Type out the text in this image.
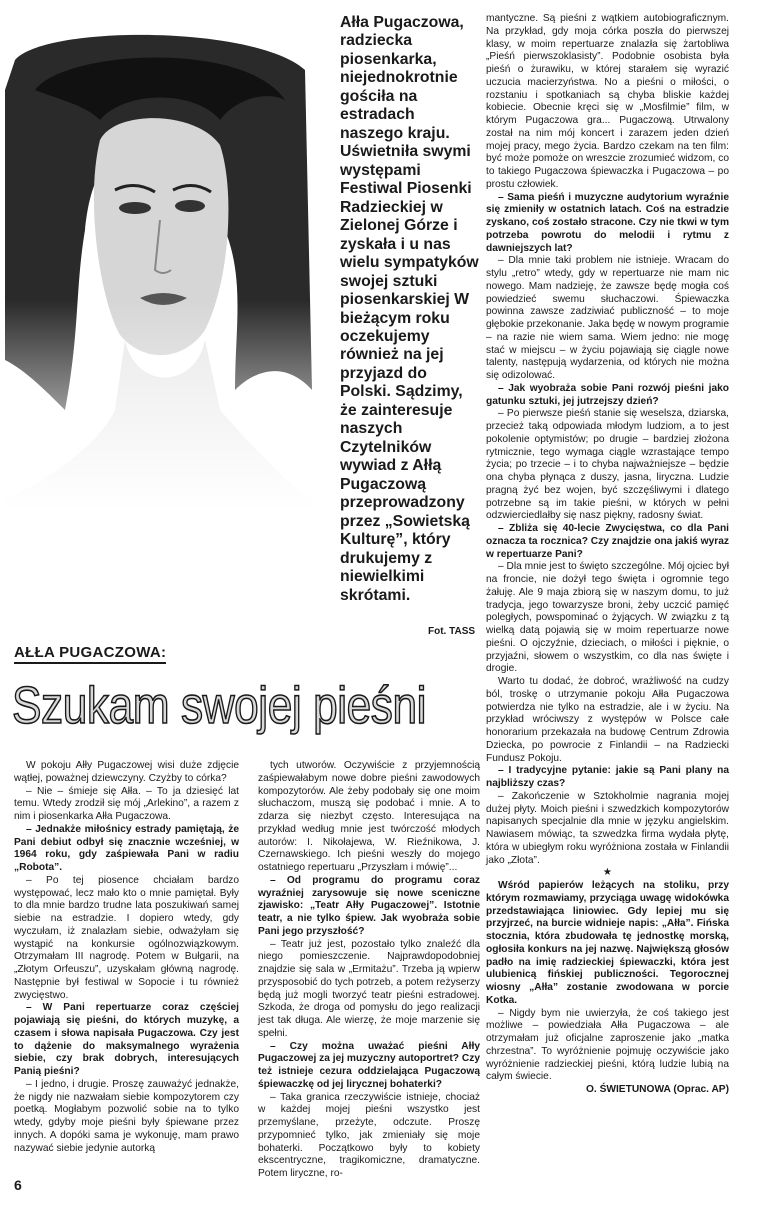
Ałła Pugaczowa, radziecka piosenkarka, niejednokrotnie gościła na estradach naszego kraju. Uświetniła swymi występami Festiwal Piosenki Radzieckiej w Zielonej Górze i zyskała i u nas wielu sympatyków swojej sztuki piosenkarskiej W bieżącym roku oczekujemy również na jej przyjazd do Polski. Sądzimy, że zainteresuje naszych Czytelników wywiad z Ałłą Pugaczową przeprowadzony przez „Sowietską Kulturę”, który drukujemy z niewielkimi skrótami.

Fot. TASS
AŁŁA PUGACZOWA:
Szukam swojej pieśni

W pokoju Ałły Pugaczowej wisi duże zdjęcie wątłej, poważnej dziewczyny. Czyżby to córka?

– Nie – śmieje się Ałła. – To ja dziesięć lat temu. Wtedy zrodził się mój „Arlekino”, a razem z nim i piosenkarka Ałła Pugaczowa.

– Jednakże miłośnicy estrady pamiętają, że Pani debiut odbył się znacznie wcześniej, w 1964 roku, gdy zaśpiewała Pani w radiu „Robota”.

– Po tej piosence chciałam bardzo występować, lecz mało kto o mnie pamiętał. Były to dla mnie bardzo trudne lata poszukiwań samej siebie na estradzie. I dopiero wtedy, gdy wyczułam, iż znalazłam siebie, odważyłam się wystąpić na konkursie ogólnozwiązkowym. Otrzymałam III nagrodę. Potem w Bułgarii, na „Złotym Orfeuszu”, uzyskałam główną nagrodę. Następnie był festiwal w Sopocie i tu również zwycięstwo.

– W Pani repertuarze coraz częściej pojawiają się pieśni, do których muzykę, a czasem i słowa napisała Pugaczowa. Czy jest to dążenie do maksymalnego wyrażenia siebie, czy brak dobrych, interesujących Panią pieśni?

– I jedno, i drugie. Proszę zauważyć jednakże, że nigdy nie nazwałam siebie kompozytorem czy poetką. Mogłabym pozwolić sobie na to tylko wtedy, gdyby moje pieśni były śpiewane przez innych. A dopóki sama je wykonuję, mam prawo nazywać siebie jedynie autorką

tych utworów. Oczywiście z przyjemnością zaśpiewałabym nowe dobre pieśni zawodowych kompozytorów. Ale żeby podobały się one moim słuchaczom, muszą się podobać i mnie. A to zdarza się niezbyt często. Interesująca na przykład według mnie jest twórczość młodych autorów: I. Nikołajewa, W. Rieźnikowa, J. Czernawskiego. Ich pieśni weszły do mojego ostatniego repertuaru „Przyszłam i mówię”...

– Od programu do programu coraz wyraźniej zarysowuje się nowe sceniczne zjawisko: „Teatr Ałły Pugaczowej”. Istotnie teatr, a nie tylko śpiew. Jak wyobraża sobie Pani jego przyszłość?

– Teatr już jest, pozostało tylko znaleźć dla niego pomieszczenie. Najprawdopodobniej znajdzie się sala w „Ermitażu”. Trzeba ją wpierw przysposobić do tych potrzeb, a potem reżyserzy będą już mogli tworzyć teatr pieśni estradowej. Szkoda, że droga od pomysłu do jego realizacji jest tak długa. Ale wierzę, że moje marzenie się spełni.

– Czy można uważać pieśni Ałły Pugaczowej za jej muzyczny autoportret? Czy też istnieje cezura oddzielająca Pugaczową śpiewaczkę od jej lirycznej bohaterki?

– Taka granica rzeczywiście istnieje, chociaż w każdej mojej pieśni wszystko jest przemyślane, przeżyte, odczute. Proszę przypomnieć tylko, jak zmieniały się moje bohaterki. Początkowo były to kobiety ekscentryczne, tragikomiczne, dramatyczne. Potem liryczne, ro-

mantyczne. Są pieśni z wątkiem autobiograficznym. Na przykład, gdy moja córka poszła do pierwszej klasy, w moim repertuarze znalazła się żartobliwa „Pieśń pierwszoklasisty”. Podobnie osobista była pieśń o żurawiku, w której starałem się wyrazić uczucia macierzyństwa. No a pieśni o miłości, o rozstaniu i spotkaniach są chyba bliskie każdej kobiecie. Obecnie kręci się w „Mosfilmie” film, w którym Pugaczowa gra... Pugaczową. Utrwalony został na nim mój koncert i zarazem jeden dzień mojej pracy, mego życia. Bardzo czekam na ten film: być może pomoże on wreszcie zrozumieć widzom, co to takiego Pugaczowa śpiewaczka i Pugaczowa – po prostu człowiek.

– Sama pieśń i muzyczne audytorium wyraźnie się zmieniły w ostatnich latach. Coś na estradzie zyskano, coś zostało stracone. Czy nie tkwi w tym potrzeba powrotu do melodii i rytmu z dawniejszych lat?

– Dla mnie taki problem nie istnieje. Wracam do stylu „retro” wtedy, gdy w repertuarze nie mam nic nowego. Mam nadzieję, że zawsze będę mogła coś powiedzieć swemu słuchaczowi. Śpiewaczka powinna zawsze zadziwiać publiczność – to moje głębokie przekonanie. Jaka będę w nowym programie – na razie nie wiem sama. Wiem jedno: nie mogę stać w miejscu – w życiu pojawiają się ciągle nowe talenty, następują wydarzenia, od których nie można się odizolować.

– Jak wyobraża sobie Pani rozwój pieśni jako gatunku sztuki, jej jutrzejszy dzień?

– Po pierwsze pieśń stanie się weselsza, dziarska, przecież taką odpowiada młodym ludziom, a to jest pokolenie optymistów; po drugie – bardziej złożona rytmicznie, tego wymaga ciągle wzrastające tempo życia; po trzecie – i to chyba najważniejsze – będzie ona chyba płynąca z duszy, jasna, liryczna. Ludzie pragną żyć bez wojen, być szczęśliwymi i dlatego potrzebne są im takie pieśni, w których w pełni odzwierciedlałby się nasz piękny, radosny świat.

– Zbliża się 40-lecie Zwycięstwa, co dla Pani oznacza ta rocznica? Czy znajdzie ona jakiś wyraz w repertuarze Pani?

– Dla mnie jest to święto szczególne. Mój ojciec był na froncie, nie dożył tego święta i ogromnie tego żałuję. Ale 9 maja zbiorą się w naszym domu, to już tradycja, jego towarzysze broni, żeby uczcić pamięć poległych, powspominać o żyjących. W związku z tą wielką datą pojawią się w moim repertuarze nowe pieśni. O ojczyźnie, dzieciach, o miłości i pięknie, o przyjaźni, słowem o wszystkim, co dla nas święte i drogie.

Warto tu dodać, że dobroć, wrażliwość na cudzy ból, troskę o utrzymanie pokoju Ałła Pugaczowa potwierdza nie tylko na estradzie, ale i w życiu. Na przykład wróciwszy z występów w Polsce całe honorarium przekazała na budowę Centrum Zdrowia Dziecka, po powrocie z Finlandii – na Radziecki Fundusz Pokoju.

– I tradycyjne pytanie: jakie są Pani plany na najbliższy czas?

– Zakończenie w Sztokholmie nagrania mojej dużej płyty. Moich pieśni i szwedzkich kompozytorów napisanych specjalnie dla mnie w języku angielskim. Nawiasem mówiąc, ta szwedzka firma wydała płytę, która w ubiegłym roku wyróżniona została w Finlandii jako „Złota”.

★

Wśród papierów leżących na stoliku, przy którym rozmawiamy, przyciąga uwagę widokówka przedstawiająca liniowiec. Gdy lepiej mu się przyjrzeć, na burcie widnieje napis: „Ałła”. Fińska stocznia, która zbudowała tę jednostkę morską, ogłosiła konkurs na jej nazwę. Największą głosów padło na imię radzieckiej śpiewaczki, która jest ulubienicą fińskiej publiczności. Tegorocznej wiosny „Ałła” zostanie zwodowana w porcie Kotka.

– Nigdy bym nie uwierzyła, że coś takiego jest możliwe – powiedziała Ałła Pugaczowa – ale otrzymałam już oficjalne zaproszenie jako „matka chrzestna”. To wyróżnienie pojmuję oczywiście jako wyróżnienie radzieckiej pieśni, którą ludzie lubią na całym świecie.

O. ŚWIETUNOWA (Oprac. AP)

6
